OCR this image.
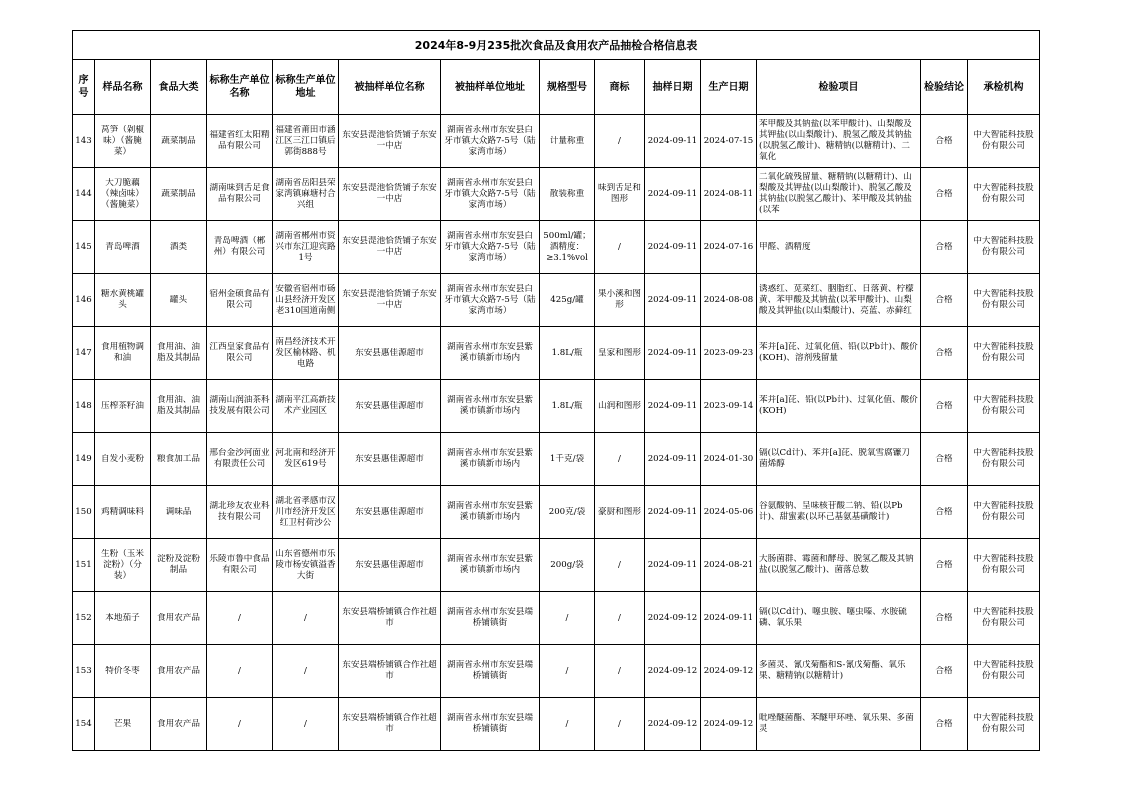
2024年8-9月235批次食品及食用农产品抽检合格信息表													
序号	样品名称	食品大类	标称生产单位名称	标称生产单位地址	被抽样单位名称	被抽样单位地址	规格型号	商标	抽样日期	生产日期	检验项目	检验结论	承检机构

143	莴笋（剁椒味）（酱腌菜）	蔬菜制品	福建省红太阳精品有限公司	福建省莆田市涵江区三江口镇后郭街888号	东安县湜池恰货铺子东安一中店	湖南省永州市东安县白牙市镇大众路7-5号（陆家湾市场）	计量称重	/	2024-09-11	2024-07-15	苯甲酸及其钠盐(以苯甲酸计)、山梨酸及其钾盐(以山梨酸计)、脱氢乙酸及其钠盐(以脱氢乙酸计)、糖精钠(以糖精计)、二氧化	合格	中大智能科技股份有限公司

144	大刀脆藕（辣卤味）（酱腌菜）	蔬菜制品	湖南味到舌足食品有限公司	湖南省岳阳县荣家湾镇麻塘村合兴组	东安县湜池恰货铺子东安一中店	湖南省永州市东安县白牙市镇大众路7-5号（陆家湾市场）	散装称重	味到舌足和图形	2024-09-11	2024-08-11	二氧化硫残留量、糖精钠(以糖精计)、山梨酸及其钾盐(以山梨酸计)、脱氢乙酸及其钠盐(以脱氢乙酸计)、苯甲酸及其钠盐(以苯	合格	中大智能科技股份有限公司

145	青岛啤酒	酒类	青岛啤酒（郴州）有限公司	湖南省郴州市资兴市东江迎宾路1号	东安县湜池恰货铺子东安一中店	湖南省永州市东安县白牙市镇大众路7-5号（陆家湾市场）	500ml/罐；酒精度：≥3.1%vol	/	2024-09-11	2024-07-16	甲醛、酒精度	合格	中大智能科技股份有限公司

146	糖水黄桃罐头	罐头	宿州金硕食品有限公司	安徽省宿州市砀山县经济开发区老310国道南侧	东安县湜池恰货铺子东安一中店	湖南省永州市东安县白牙市镇大众路7-5号（陆家湾市场）	425g/罐	果小溪和图形	2024-09-11	2024-08-08	诱惑红、苋菜红、胭脂红、日落黄、柠檬黄、苯甲酸及其钠盐(以苯甲酸计)、山梨酸及其钾盐(以山梨酸计)、亮蓝、赤藓红	合格	中大智能科技股份有限公司

147	食用植物调和油	食用油、油脂及其制品	江西皇家食品有限公司	南昌经济技术开发区榆林路、机电路	东安县惠佳源超市	湖南省永州市东安县紫溪市镇新市场内	1.8L/瓶	皇家和图形	2024-09-11	2023-09-23	苯并[a]芘、过氧化值、铅(以Pb计)、酸价(KOH)、溶剂残留量	合格	中大智能科技股份有限公司

148	压榨茶籽油	食用油、油脂及其制品	湖南山润油茶科技发展有限公司	湖南平江高新技术产业园区	东安县惠佳源超市	湖南省永州市东安县紫溪市镇新市场内	1.8L/瓶	山润和图形	2024-09-11	2023-09-14	苯并[a]芘、铅(以Pb计)、过氧化值、酸价(KOH)	合格	中大智能科技股份有限公司

149	自发小麦粉	粮食加工品	邢台金沙河面业有限责任公司	河北南和经济开发区619号	东安县惠佳源超市	湖南省永州市东安县紫溪市镇新市场内	1千克/袋	/	2024-09-11	2024-01-30	镉(以Cd计)、苯并[a]芘、脱氧雪腐镰刀菌烯醇	合格	中大智能科技股份有限公司

150	鸡精调味料	调味品	湖北珍友农业科技有限公司	湖北省孝感市汉川市经济开发区红卫村荷沙公	东安县惠佳源超市	湖南省永州市东安县紫溪市镇新市场内	200克/袋	豪厨和图形	2024-09-11	2024-05-06	谷氨酸钠、呈味核苷酸二钠、铅(以Pb计)、甜蜜素(以环己基氨基磺酸计)	合格	中大智能科技股份有限公司

151	生粉（玉米淀粉）（分装）	淀粉及淀粉制品	乐陵市鲁中食品有限公司	山东省德州市乐陵市杨安镇溢香大街	东安县惠佳源超市	湖南省永州市东安县紫溪市镇新市场内	200g/袋	/	2024-09-11	2024-08-21	大肠菌群、霉菌和酵母、脱氢乙酸及其钠盐(以脱氢乙酸计)、菌落总数	合格	中大智能科技股份有限公司

152	本地茄子	食用农产品	/	/	东安县端桥铺镇合作社超市	湖南省永州市东安县端桥铺镇街	/	/	2024-09-12	2024-09-11	镉(以Cd计)、噻虫胺、噻虫嗪、水胺硫磷、氧乐果	合格	中大智能科技股份有限公司

153	特价冬枣	食用农产品	/	/	东安县端桥铺镇合作社超市	湖南省永州市东安县端桥铺镇街	/	/	2024-09-12	2024-09-12	多菌灵、氰戊菊酯和S-氰戊菊酯、氧乐果、糖精钠(以糖精计)	合格	中大智能科技股份有限公司

154	芒果	食用农产品	/	/	东安县端桥铺镇合作社超市	湖南省永州市东安县端桥铺镇街	/	/	2024-09-12	2024-09-12	吡唑醚菌酯、苯醚甲环唑、氧乐果、多菌灵	合格	中大智能科技股份有限公司
